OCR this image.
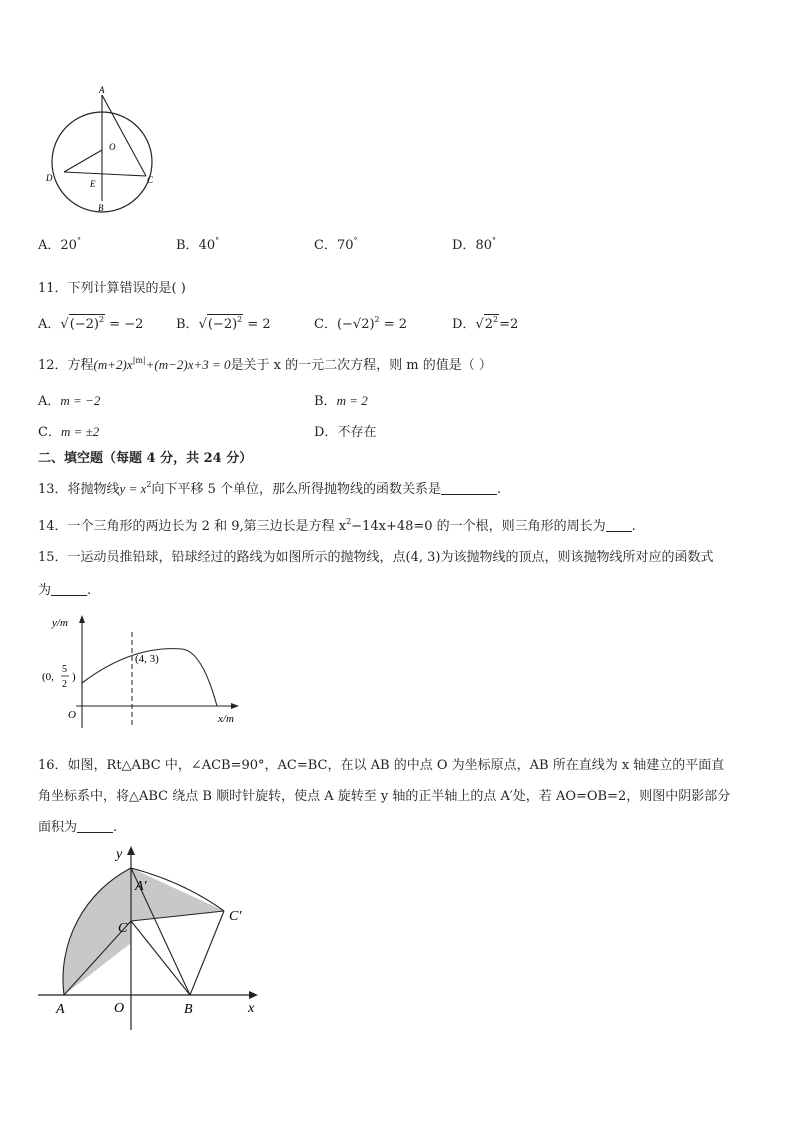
A
O
D
E	C
B
A．20°	B．40°	C．70°	D．80°
11．下列计算错误的是( )
A．$√(-2)^2 = -2$	B．$√(-2)^2 = 2$	C．$(-√2)^2 = 2$	D．$√2^2=2$
12．方程$(m+2)x^{|m|}+(m-2)x+3 = 0$是关于 x 的一元二次方程，则 m 的值是（ ）
A．m = −2	B．m = 2
C．m = ±2	D．不存在
二、填空题（每题 4 分，共 24 分）
13．将抛物线$y = x^2$向下平移 5 个单位，那么所得抛物线的函数关系是	.
14．一个三角形的两边长为 2 和 9,第三边长是方程 $x^2-14x+48=0$ 的一个根，则三角形的周长为 .
15．一运动员推铅球，铅球经过的路线为如图所示的抛物线，点(4, 3)为该抛物线的顶点，则该抛物线所对应的函数式
为	.
y/m
x/m
O
(4, 3)
(0,
5
2
)
16．如图，Rt△ABC 中，∠ACB=90°，AC=BC，在以 AB 的中点 O 为坐标原点，AB 所在直线为 x 轴建立的平面直
角坐标系中，将△ABC 绕点 B 顺时针旋转，使点 A 旋转至 y 轴的正半轴上的点 A′处，若 AO=OB=2，则图中阴影部分
面积为	.
y
x
A′
C′
C
A	O	B
